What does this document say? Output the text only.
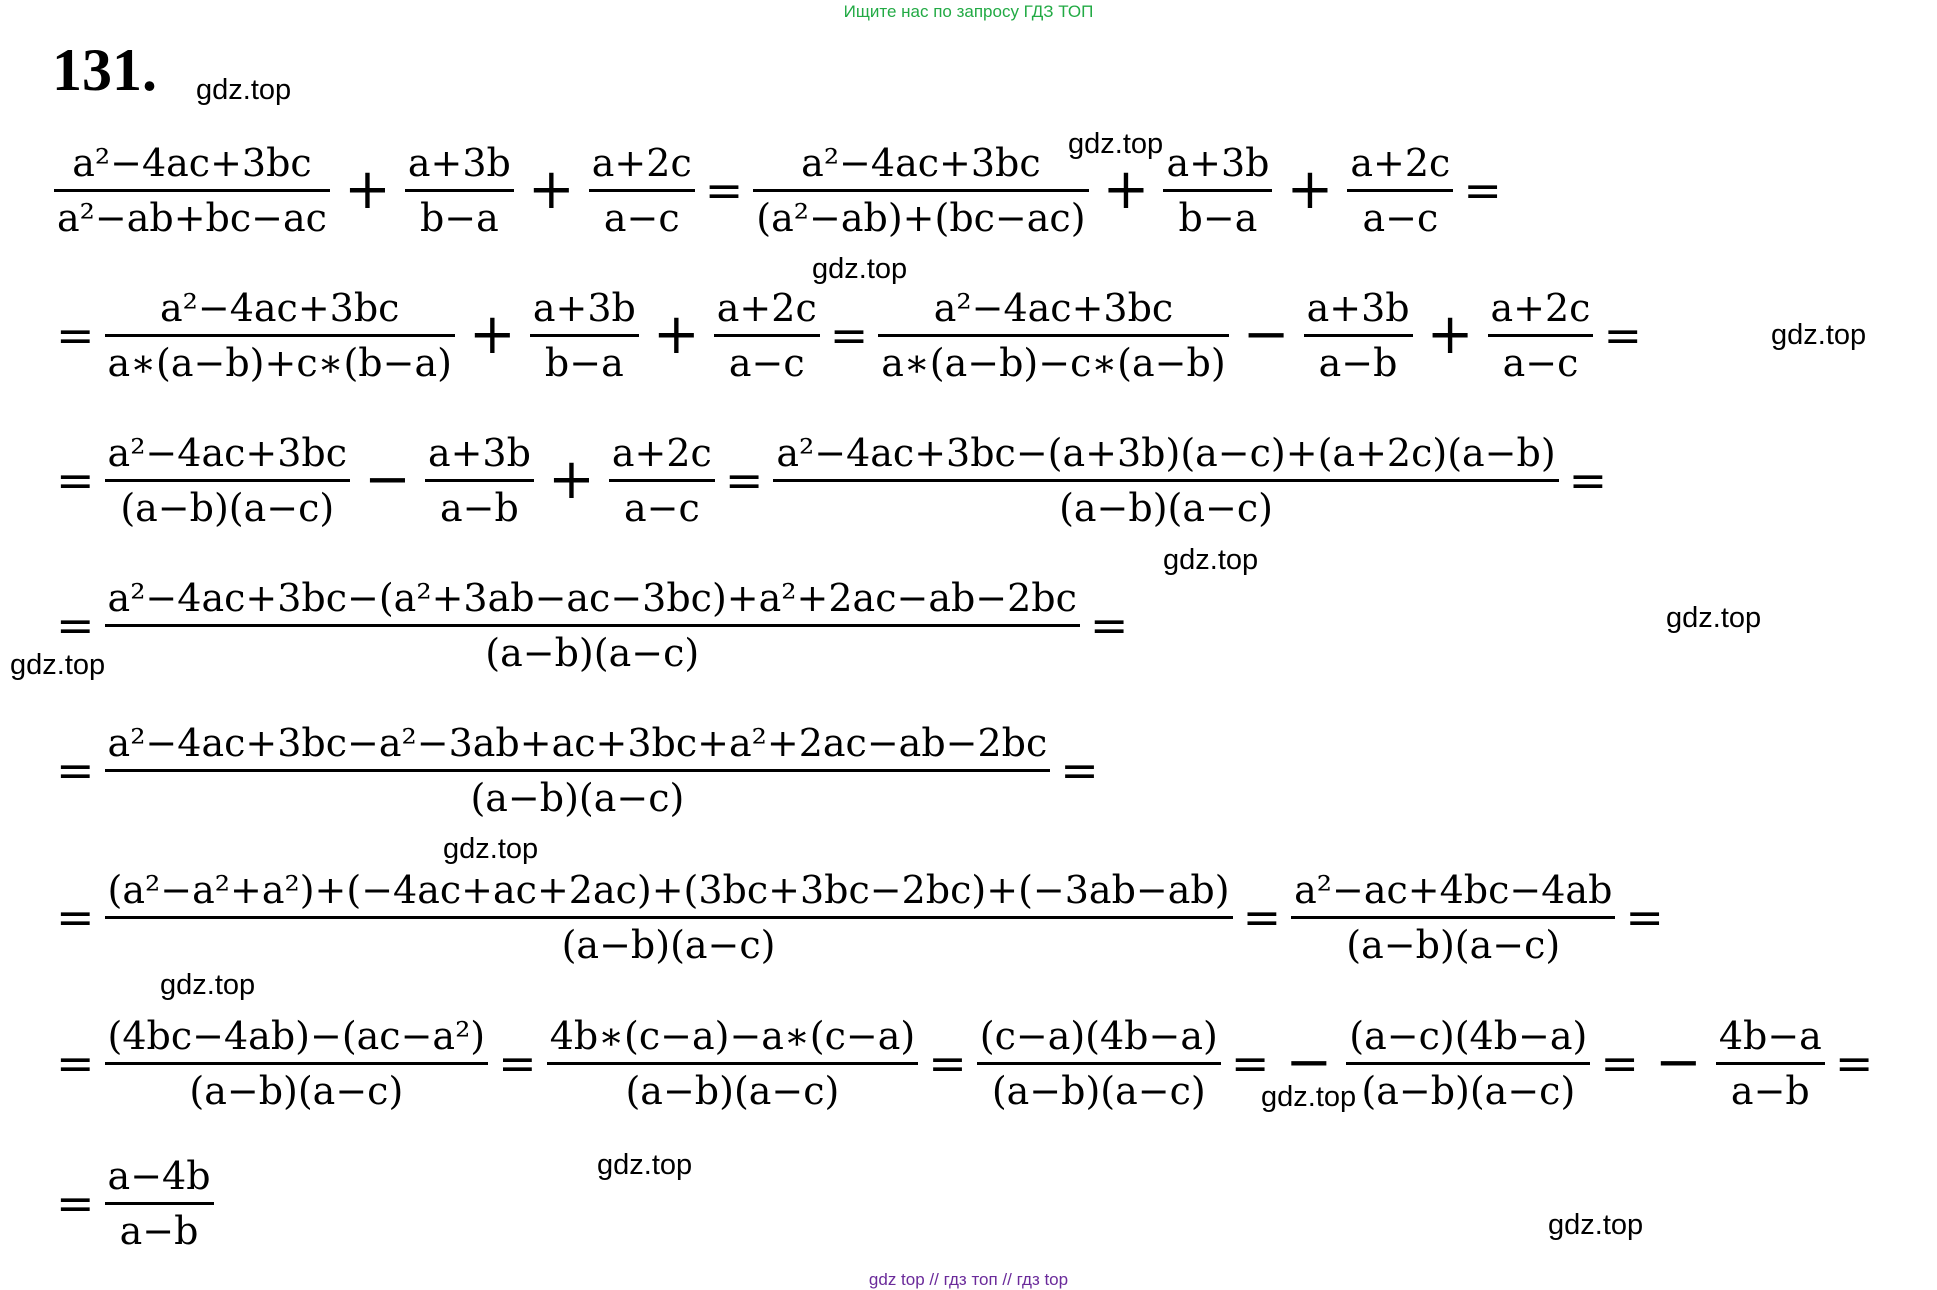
Ищите нас по запросу ГДЗ ТОП
131. gdz.top
gdz.top
gdz.top
gdz.top
gdz.top
gdz.top
gdz.top
gdz.top
gdz.top
gdz.top
gdz.top
gdz.top
$\frac{\text{a²−4ac+3bc}}{\text{a²−ab+bc−ac}} + \frac{a+3b}{b-a} + \frac{a+2c}{a-c} = \frac{\text{a²−4ac+3bc}}{\text{(a²−ab)+(bc−ac)}} + \frac{a+3b}{b-a} + \frac{a+2c}{a-c}$ =
= $\frac{\text{a²−4ac+3bc}}{a∗(a-b)+c∗(b-a)} + \frac{a+3b}{b-a} + \frac{a+2c}{a-c} = \frac{\text{a²−4ac+3bc}}{a∗(a-b)-c∗(a-b)} - \frac{a+3b}{a-b} + \frac{a+2c}{a-c}$ =
= $\frac{\text{a²−4ac+3bc}}{(a-b)(a-c)} - \frac{a+3b}{a-b} + \frac{a+2c}{a-c} = \frac{\text{a²−4ac+3bc−(a+3b)(a−c)+(a+2c)(a−b)}}{(a-b)(a-c)}$ =
= $\frac{\text{a²−4ac+3bc−(a²+3ab−ac−3bc)+a²+2ac−ab−2bc}}{(a-b)(a-c)}$ =
= $\frac{\text{a²−4ac+3bc−a²−3ab+ac+3bc+a²+2ac−ab−2bc}}{(a-b)(a-c)}$ =
= $\frac{\text{(a²−a²+a²)+(−4ac+ac+2ac)+(3bc+3bc−2bc)+(−3ab−ab)}}{(a-b)(a-c)} = \frac{\text{a²−ac+4bc−4ab}}{(a-b)(a-c)}$ =
= $\frac{\text{(4bc−4ab)−(ac−a²)}}{(a-b)(a-c)} = \frac{4b∗(c-a)-a∗(c-a)}{(a-b)(a-c)} = \frac{(c-a)(4b-a)}{(a-b)(a-c)}$ = − $\frac{(a-c)(4b-a)}{(a-b)(a-c)}$ = − $\frac{4b-a}{a-b}$ =
= $\frac{a-4b}{a-b}$
gdz top // гдз топ // гдз top
